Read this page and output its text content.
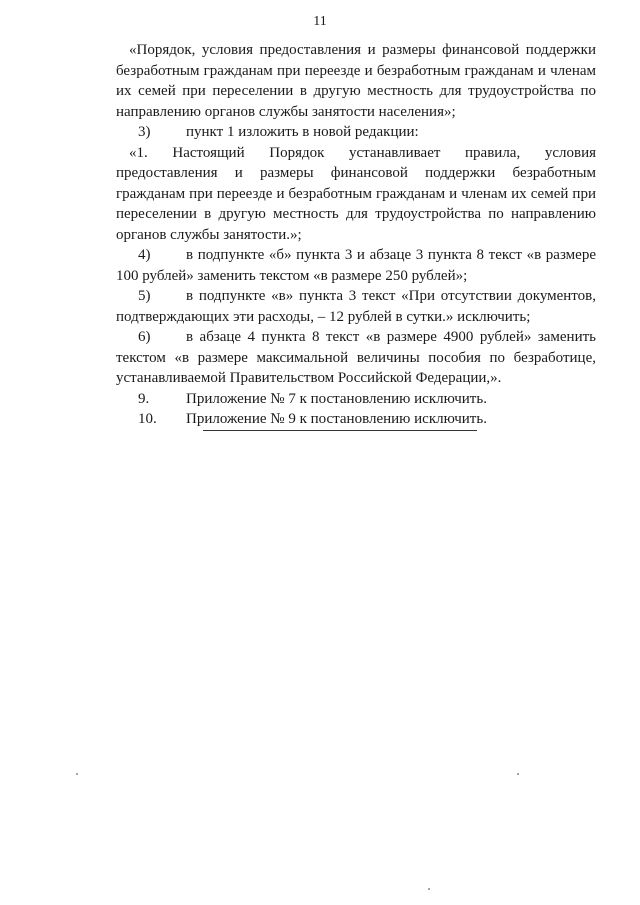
11

«Порядок, условия предоставления и размеры финансовой поддержки безработным гражданам при переезде и безработным гражданам и членам их семей при переселении в другую местность для трудоустройства по направлению органов службы занятости населения»;

3)	пункт 1 изложить в новой редакции:

«1. Настоящий Порядок устанавливает правила, условия предоставления и размеры финансовой поддержки безработным гражданам при переезде и безработным гражданам и членам их семей при переселении в другую местность для трудоустройства по направлению органов службы занятости.»;

4) в подпункте «б» пункта 3 и абзаце 3 пункта 8 текст «в размере 100 рублей» заменить текстом «в размере 250 рублей»;

5) в подпункте «в» пункта 3 текст «При отсутствии документов, подтверждающих эти расходы, – 12 рублей в сутки.» исключить;

6) в абзаце 4 пункта 8 текст «в размере 4900 рублей» заменить текстом «в размере максимальной величины пособия по безработице, устанавливаемой Правительством Российской Федерации,».

9.	Приложение № 7 к постановлению исключить.
10.	Приложение № 9 к постановлению исключить.
